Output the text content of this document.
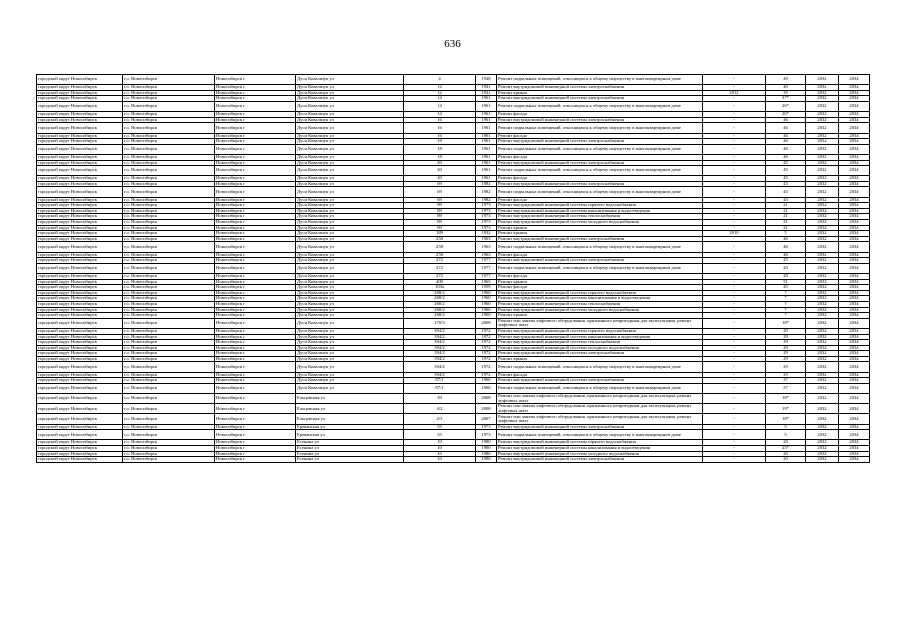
636
городской округ Новосибирск	г.о. Новосибирск	Новосибирск г	Дуси Ковальчук ул	4	1948	Ремонт подвальных помещений, относящихся к общему имуществу в многоквартирном доме	-	49	2032	2034
городской округ Новосибирск	г.о. Новосибирск	Новосибирск г	Дуси Ковальчук ул	12	1941	Ремонт внутридомовой инженерной системы электроснабжения	-	40	2032	2034
городской округ Новосибирск	г.о. Новосибирск	Новосибирск г	Дуси Ковальчук ул	12	1941	Ремонт крыши	2012	35	2032	2034
городской округ Новосибирск	г.о. Новосибирск	Новосибирск г	Дуси Ковальчук ул	14	1961	Ремонт внутридомовой инженерной системы электроснабжения	-	37*	2032	2034
городской округ Новосибирск	г.о. Новосибирск	Новосибирск г	Дуси Ковальчук ул	14	1961	Ремонт подвальных помещений, относящихся к общему имуществу в многоквартирном доме	-	26*	2032	2034
городской округ Новосибирск	г.о. Новосибирск	Новосибирск г	Дуси Ковальчук ул	14	1961	Ремонт фасада	-	26*	2032	2034
городской округ Новосибирск	г.о. Новосибирск	Новосибирск г	Дуси Ковальчук ул	16	1961	Ремонт внутридомовой инженерной системы электроснабжения	-	46	2032	2034
городской округ Новосибирск	г.о. Новосибирск	Новосибирск г	Дуси Ковальчук ул	16	1961	Ремонт подвальных помещений, относящихся к общему имуществу в многоквартирном доме	-	46	2032	2034
городской округ Новосибирск	г.о. Новосибирск	Новосибирск г	Дуси Ковальчук ул	16	1961	Ремонт фасада	-	46	2032	2034
городской округ Новосибирск	г.о. Новосибирск	Новосибирск г	Дуси Ковальчук ул	18	1961	Ремонт внутридомовой инженерной системы электроснабжения	-	46	2032	2034
городской округ Новосибирск	г.о. Новосибирск	Новосибирск г	Дуси Ковальчук ул	18	1961	Ремонт подвальных помещений, относящихся к общему имуществу в многоквартирном доме	-	46	2032	2034
городской округ Новосибирск	г.о. Новосибирск	Новосибирск г	Дуси Ковальчук ул	18	1961	Ремонт фасада	-	46	2032	2034
городской округ Новосибирск	г.о. Новосибирск	Новосибирск г	Дуси Ковальчук ул	20	1961	Ремонт внутридомовой инженерной системы электроснабжения	-	45	2032	2034
городской округ Новосибирск	г.о. Новосибирск	Новосибирск г	Дуси Ковальчук ул	20	1961	Ремонт подвальных помещений, относящихся к общему имуществу в многоквартирном доме	-	45	2032	2034
городской округ Новосибирск	г.о. Новосибирск	Новосибирск г	Дуси Ковальчук ул	20	1961	Ремонт фасада	-	45	2032	2034
городской округ Новосибирск	г.о. Новосибирск	Новосибирск г	Дуси Ковальчук ул	69	1982	Ремонт внутридомовой инженерной системы электроснабжения	-	43	2032	2034
городской округ Новосибирск	г.о. Новосибирск	Новосибирск г	Дуси Ковальчук ул	69	1982	Ремонт подвальных помещений, относящихся к общему имуществу в многоквартирном доме	-	43	2032	2034
городской округ Новосибирск	г.о. Новосибирск	Новосибирск г	Дуси Ковальчук ул	69	1982	Ремонт фасада	-	43	2032	2034
городской округ Новосибирск	г.о. Новосибирск	Новосибирск г	Дуси Ковальчук ул	89	1973	Ремонт внутридомовой инженерной системы горячего водоснабжения	-	21	2032	2034
городской округ Новосибирск	г.о. Новосибирск	Новосибирск г	Дуси Ковальчук ул	89	1973	Ремонт внутридомовой инженерной системы канализования и водоотведения	-	21	2032	2034
городской округ Новосибирск	г.о. Новосибирск	Новосибирск г	Дуси Ковальчук ул	89	1973	Ремонт внутридомовой инженерной системы теплоснабжения	-	21	2032	2034
городской округ Новосибирск	г.о. Новосибирск	Новосибирск г	Дуси Ковальчук ул	89	1973	Ремонт внутридомовой инженерной системы холодного водоснабжения	-	21	2032	2034
городской округ Новосибирск	г.о. Новосибирск	Новосибирск г	Дуси Ковальчук ул	89	1973	Ремонт крыши	-	21	2032	2034
городской округ Новосибирск	г.о. Новосибирск	Новосибирск г	Дуси Ковальчук ул	189	1932	Ремонт крыши	2010	5	2032	2034
городской округ Новосибирск	г.о. Новосибирск	Новосибирск г	Дуси Ковальчук ул	258	1963	Ремонт внутридомовой инженерной системы электроснабжения	-	46	2032	2034
городской округ Новосибирск	г.о. Новосибирск	Новосибирск г	Дуси Ковальчук ул	258	1963	Ремонт подвальных помещений, относящихся к общему имуществу в многоквартирном доме	-	46	2032	2034
городской округ Новосибирск	г.о. Новосибирск	Новосибирск г	Дуси Ковальчук ул	258	1963	Ремонт фасада	-	46	2032	2034
городской округ Новосибирск	г.о. Новосибирск	Новосибирск г	Дуси Ковальчук ул	272	1977	Ремонт внутридомовой инженерной системы электроснабжения	-	25	2032	2034
городской округ Новосибирск	г.о. Новосибирск	Новосибирск г	Дуси Ковальчук ул	272	1977	Ремонт подвальных помещений, относящихся к общему имуществу в многоквартирном доме	-	20	2032	2034
городской округ Новосибирск	г.о. Новосибирск	Новосибирск г	Дуси Ковальчук ул	272	1977	Ремонт фасада	-	20	2032	2034
городской округ Новосибирск	г.о. Новосибирск	Новосибирск г	Дуси Ковальчук ул	400	1965	Ремонт крыши	-	51	2032	2034
городской округ Новосибирск	г.о. Новосибирск	Новосибирск г	Дуси Ковальчук ул	103а	1959	Ремонт фасада	-	45	2032	2034
городской округ Новосибирск	г.о. Новосибирск	Новосибирск г	Дуси Ковальчук ул	268/2	1960	Ремонт внутридомовой инженерной системы горячего водоснабжения	-	7	2032	2034
городской округ Новосибирск	г.о. Новосибирск	Новосибирск г	Дуси Ковальчук ул	268/2	1960	Ремонт внутридомовой инженерной системы канализования и водоотведения	-	7	2032	2034
городской округ Новосибирск	г.о. Новосибирск	Новосибирск г	Дуси Ковальчук ул	268/2	1960	Ремонт внутридомовой инженерной системы теплоснабжения	-	7	2032	2034
городской округ Новосибирск	г.о. Новосибирск	Новосибирск г	Дуси Ковальчук ул	268/2	1960	Ремонт внутридомовой инженерной системы холодного водоснабжения	-	7	2032	2034
городской округ Новосибирск	г.о. Новосибирск	Новосибирск г	Дуси Ковальчук ул	268/2	1960	Ремонт крыши	-	7	2032	2034
городской округ Новосибирск	г.о. Новосибирск	Новосибирск г	Дуси Ковальчук ул	270/3	2008	Ремонт или замена лифтового оборудования, признанного непригодным для эксплуатации, ремонт лифтовых шахт	-	18*	2032	2034
городской округ Новосибирск	г.о. Новосибирск	Новосибирск г	Дуси Ковальчук ул	394/2	1972	Ремонт внутридомовой инженерной системы горячего водоснабжения	-	29	2032	2034
городской округ Новосибирск	г.о. Новосибирск	Новосибирск г	Дуси Ковальчук ул	394/2	1972	Ремонт внутридомовой инженерной системы канализования и водоотведения	-	29	2032	2034
городской округ Новосибирск	г.о. Новосибирск	Новосибирск г	Дуси Ковальчук ул	394/2	1972	Ремонт внутридомовой инженерной системы теплоснабжения	-	29	2032	2034
городской округ Новосибирск	г.о. Новосибирск	Новосибирск г	Дуси Ковальчук ул	394/2	1972	Ремонт внутридомовой инженерной системы холодного водоснабжения	-	29	2032	2034
городской округ Новосибирск	г.о. Новосибирск	Новосибирск г	Дуси Ковальчук ул	394/2	1972	Ремонт внутридомовой инженерной системы электроснабжения	-	29	2032	2034
городской округ Новосибирск	г.о. Новосибирск	Новосибирск г	Дуси Ковальчук ул	394/2	1972	Ремонт крыши	-	29	2032	2034
городской округ Новосибирск	г.о. Новосибирск	Новосибирск г	Дуси Ковальчук ул	394/2	1972	Ремонт подвальных помещений, относящихся к общему имуществу в многоквартирном доме	-	29	2032	2034
городской округ Новосибирск	г.о. Новосибирск	Новосибирск г	Дуси Ковальчук ул	394/2	1972	Ремонт фасада	-	29	2032	2034
городской округ Новосибирск	г.о. Новосибирск	Новосибирск г	Дуси Ковальчук ул	87/1	1966	Ремонт внутридомовой инженерной системы электроснабжения	-	37	2032	2034
городской округ Новосибирск	г.о. Новосибирск	Новосибирск г	Дуси Ковальчук ул	87/1	1966	Ремонт подвальных помещений, относящихся к общему имуществу в многоквартирном доме	-	37	2032	2034
городской округ Новосибирск	г.о. Новосибирск	Новосибирск г	Ельцовская ул	39	2008	Ремонт или замена лифтового оборудования, признанного непригодным для эксплуатации, ремонт лифтовых шахт	-	18*	2032	2034
городской округ Новосибирск	г.о. Новосибирск	Новосибирск г	Ельцовская ул	4/2	2008	Ремонт или замена лифтового оборудования, признанного непригодным для эксплуатации, ремонт лифтовых шахт	-	19*	2032	2034
городской округ Новосибирск	г.о. Новосибирск	Новосибирск г	Ельцовская ул	2/3	2007	Ремонт или замена лифтового оборудования, признанного непригодным для эксплуатации, ремонт лифтовых шахт	-	18*	2032	2034
городской округ Новосибирск	г.о. Новосибирск	Новосибирск г	Ереванская ул	55	1973	Ремонт внутридомовой инженерной системы электроснабжения	-	5	2032	2034
городской округ Новосибирск	г.о. Новосибирск	Новосибирск г	Ереванская ул	55	1973	Ремонт подвальных помещений, относящихся к общему имуществу в многоквартирном доме	-	5	2032	2034
городской округ Новосибирск	г.о. Новосибирск	Новосибирск г	Есенина ул	10	1980	Ремонт внутридомовой инженерной системы горячего водоснабжения	-	20	2032	2034
городской округ Новосибирск	г.о. Новосибирск	Новосибирск г	Есенина ул	10	1980	Ремонт внутридомовой инженерной системы канализования и водоотведения	-	25*	2032	2034
городской округ Новосибирск	г.о. Новосибирск	Новосибирск г	Есенина ул	10	1980	Ремонт внутридомовой инженерной системы холодного водоснабжения	-	20	2032	2034
городской округ Новосибирск	г.о. Новосибирск	Новосибирск г	Есенина ул	10	1980	Ремонт внутридомовой инженерной системы электроснабжения	-	20	2032	2034
